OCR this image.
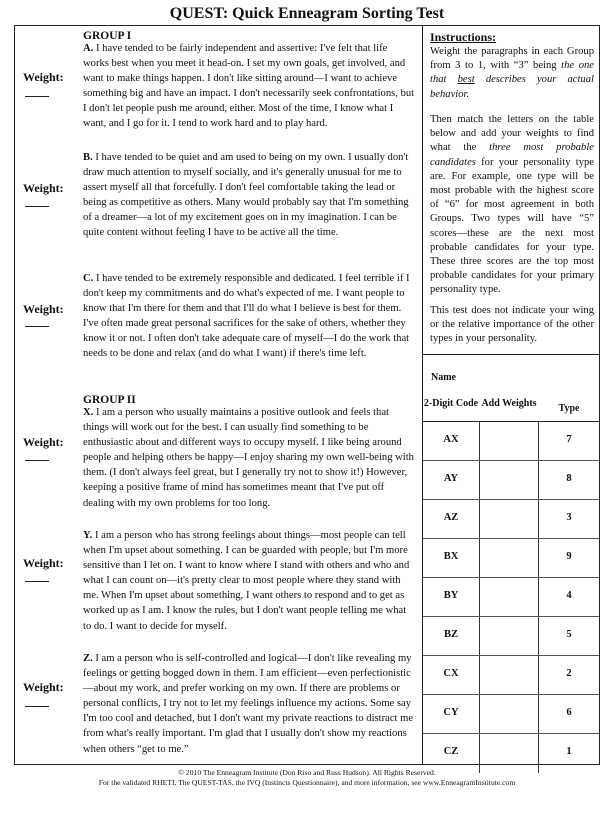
QUEST: Quick Enneagram Sorting Test
GROUP I
Weight:
A. I have tended to be fairly independent and assertive: I've felt that life works best when you meet it head-on. I set my own goals, get involved, and want to make things happen. I don't like sitting around—I want to achieve something big and have an impact. I don't necessarily seek confrontations, but I don't let people push me around, either. Most of the time, I know what I want, and I go for it. I tend to work hard and to play hard.
Weight:
B. I have tended to be quiet and am used to being on my own. I usually don't draw much attention to myself socially, and it's generally unusual for me to assert myself all that forcefully. I don't feel comfortable taking the lead or being as competitive as others. Many would probably say that I'm something of a dreamer—a lot of my excitement goes on in my imagination. I can be quite content without feeling I have to be active all the time.
Weight:
C. I have tended to be extremely responsible and dedicated. I feel terrible if I don't keep my commitments and do what's expected of me. I want people to know that I'm there for them and that I'll do what I believe is best for them. I've often made great personal sacrifices for the sake of others, whether they know it or not. I often don't take adequate care of myself—I do the work that needs to be done and relax (and do what I want) if there's time left.
GROUP II
Weight:
X. I am a person who usually maintains a positive outlook and feels that things will work out for the best. I can usually find something to be enthusiastic about and different ways to occupy myself. I like being around people and helping others be happy—I enjoy sharing my own well-being with them. (I don't always feel great, but I generally try not to show it!) However, keeping a positive frame of mind has sometimes meant that I've put off dealing with my own problems for too long.
Weight:
Y. I am a person who has strong feelings about things—most people can tell when I'm upset about something. I can be guarded with people, but I'm more sensitive than I let on. I want to know where I stand with others and who and what I can count on—it's pretty clear to most people where they stand with me. When I'm upset about something, I want others to respond and to get as worked up as I am. I know the rules, but I don't want people telling me what to do. I want to decide for myself.
Weight:
Z. I am a person who is self-controlled and logical—I don't like revealing my feelings or getting bogged down in them. I am efficient—even perfectionistic—about my work, and prefer working on my own. If there are problems or personal conflicts, I try not to let my feelings influence my actions. Some say I'm too cool and detached, but I don't want my private reactions to distract me from what's really important. I'm glad that I usually don't show my reactions when others “get to me.”
Instructions:
Weight the paragraphs in each Group from 3 to 1, with “3” being the one that best describes your actual behavior.
Then match the letters on the table below and add your weights to find what the three most probable candidates for your personality type are. For example, one type will be most probable with the highest score of “6” for most agreement in both Groups. Two types will have “5” scores—these are the next most probable candidates for your type. These three scores are the top most probable candidates for your primary personality type.
This test does not indicate your wing or the relative importance of the other types in your personality.
Name
2-Digit Code Add Weights	Type
AX	7
AY	8
AZ	3
BX	9
BY	4
BZ	5
CX	2
CY	6
CZ	1
© 2010 The Enneagram Institute (Don Riso and Russ Hudson). All Rights Reserved.
For the validated RHETI, The QUEST-TAS, the IVQ (Instincts Questionnaire), and more information, see www.EnneagramInstitute.com
